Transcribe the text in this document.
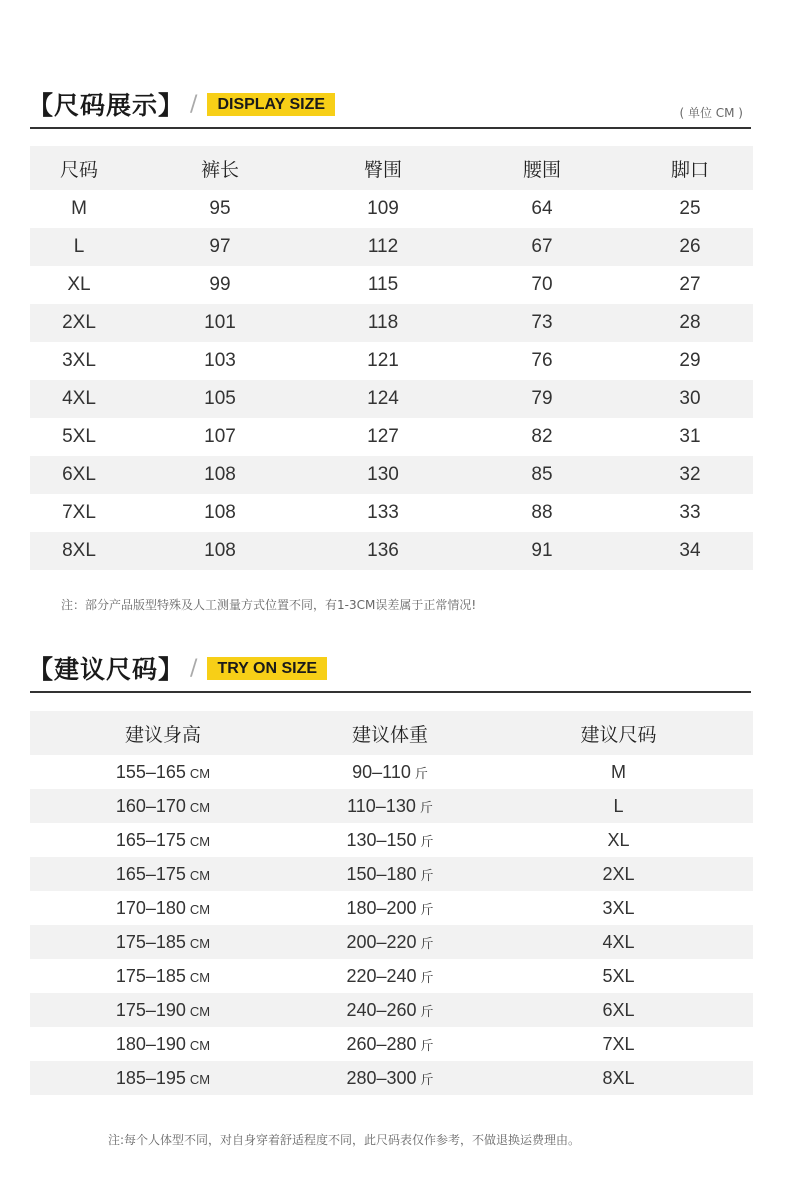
【尺码展示】 /	DISPLAY SIZE
( 单位 CM )
尺码	裤长	臀围	腰围	脚口
M	95	109	64	25
L	97	112	67	26
XL	99	115	70	27
2XL	101	118	73	28
3XL	103	121	76	29
4XL	105	124	79	30
5XL	107	127	82	31
6XL	108	130	85	32
7XL	108	133	88	33
8XL	108	136	91	34
注：部分产品版型特殊及人工测量方式位置不同，有1-3CM误差属于正常情况!
【建议尺码】 /	TRY ON SIZE
建议身高	建议体重	建议尺码
155–165 CM	90–110 斤	M
160–170 CM	110–130 斤	L
165–175 CM	130–150 斤	XL
165–175 CM	150–180 斤	2XL
170–180 CM	180–200 斤	3XL
175–185 CM	200–220 斤	4XL
175–185 CM	220–240 斤	5XL
175–190 CM	240–260 斤	6XL
180–190 CM	260–280 斤	7XL
185–195 CM	280–300 斤	8XL
注:每个人体型不同，对自身穿着舒适程度不同，此尺码表仅作参考，不做退换运费理由。
